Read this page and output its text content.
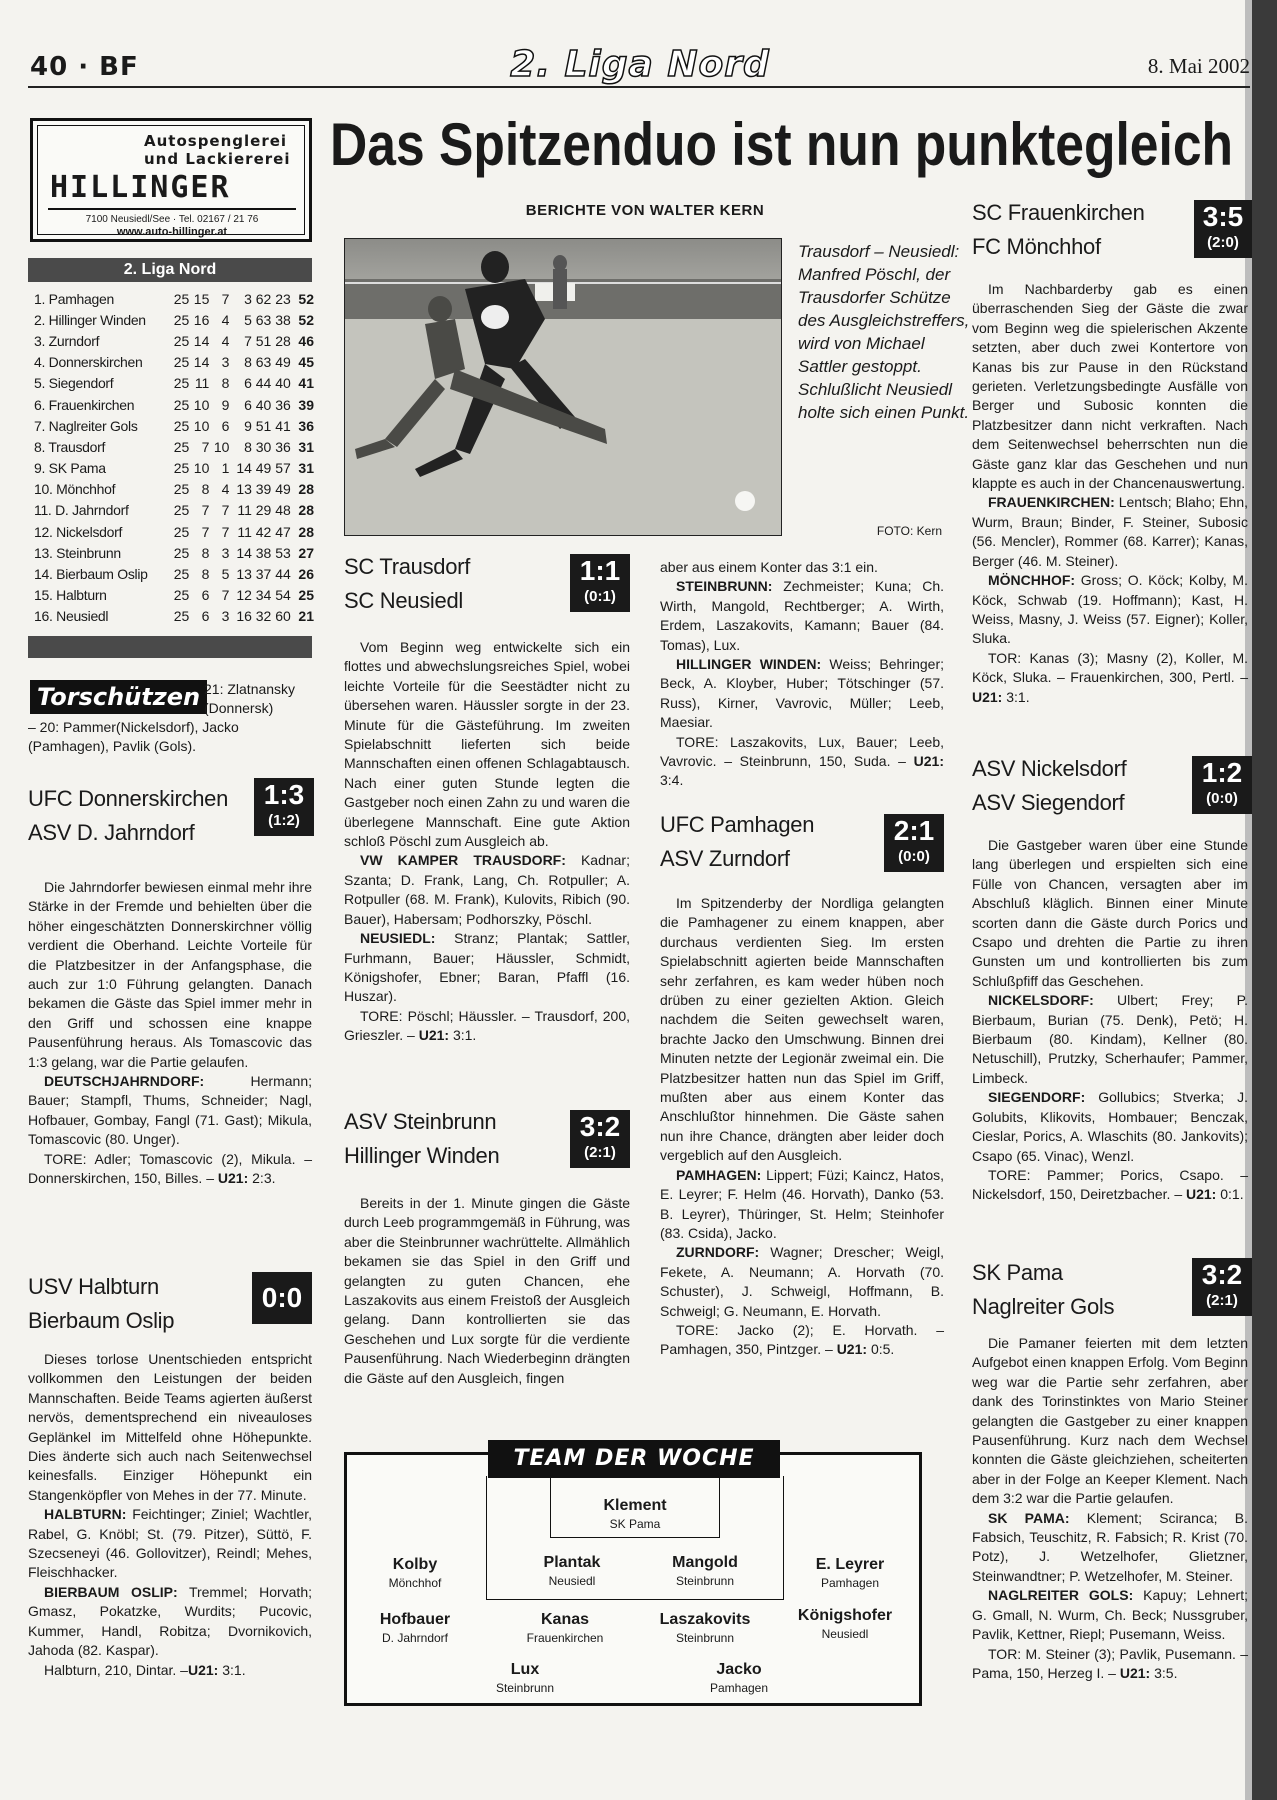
40 · BF	2. Liga Nord	8. Mai 2002
Autospenglerei
und Lackiererei
HILLINGER
7100 Neusiedl/See · Tel. 02167 / 21 76
www.auto-hillinger.at
2. Liga Nord
1. Pamhagen	25	15	7	3 62 23	52
2. Hillinger Winden	25	16	4	5 63 38	52
3. Zurndorf	25	14	4	7 51 28	46
4. Donnerskirchen	25	14	3	8 63 49	45
5. Siegendorf	25	11	8	6 44 40	41
6. Frauenkirchen	25	10	9	6 40 36	39
7. Naglreiter Gols	25	10	6	9 51 41	36
8. Trausdorf	25	7	10	8 30 36	31
9. SK Pama	25	10	1	14 49 57	31
10. Mönchhof	25	8	4	13 39 49	28
11. D. Jahrndorf	25	7	7	11 29 48	28
12. Nickelsdorf	25	7	7	11 42 47	28
13. Steinbrunn	25	8	3	14 38 53	27
14. Bierbaum Oslip	25	8	5	13 37 44	26
15. Halbturn	25	6	7	12 34 54	25
16. Neusiedl	25	6	3	16 32 60	21
Torschützen 21: Zlatnansky (Donnersk)
– 20: Pammer(Nickelsdorf), Jacko (Pamhagen), Pavlik (Gols).
Das Spitzenduo ist nun punktegleich
BERICHTE VON WALTER KERN
Trausdorf – Neusiedl: Manfred Pöschl, der Trausdorfer Schütze des Ausgleichstreffers, wird von Michael Sattler gestoppt. Schlußlicht Neusiedl holte sich einen Punkt.
FOTO: Kern
UFC Donnerskirchen
ASV D. Jahrndorf
1:3
(1:2)

Die Jahrndorfer bewiesen einmal mehr ihre Stärke in der Fremde und behielten über die höher eingeschätzten Donnerskirchner völlig verdient die Oberhand. Leichte Vorteile für die Platzbesitzer in der Anfangsphase, die auch zur 1:0 Führung gelangten. Danach bekamen die Gäste das Spiel immer mehr in den Griff und schossen eine knappe Pausenführung heraus. Als Tomascovic das 1:3 gelang, war die Partie gelaufen.

DEUTSCHJAHRNDORF:	Hermann; Bauer; Stampfl, Thums, Schneider; Nagl, Hofbauer, Gombay, Fangl (71. Gast); Mikula, Tomascovic (80. Unger).

TORE: Adler; Tomascovic (2), Mikula. – Donnerskirchen, 150, Billes. – U21: 2:3.

USV Halbturn
Bierbaum Oslip
0:0

Dieses torlose Unentschieden entspricht vollkommen den Leistungen der beiden Mannschaften. Beide Teams agierten äußerst nervös, dementsprechend ein niveauloses Geplänkel im Mittelfeld ohne Höhepunkte. Dies änderte sich auch nach Seitenwechsel keinesfalls. Einziger Höhepunkt ein Stangenköpfler von Mehes in der 77. Minute.

HALBTURN: Feichtinger; Ziniel; Wachtler, Rabel, G. Knöbl; St. (79. Pitzer), Süttö, F. Szecseneyi (46. Gollovitzer), Reindl; Mehes, Fleischhacker.

BIERBAUM OSLIP: Tremmel; Horvath; Gmasz, Pokatzke, Wurdits; Pucovic, Kummer, Handl, Robitza; Dvornikovich, Jahoda (82. Kaspar).

Halbturn, 210, Dintar. –U21: 3:1.

SC Trausdorf
SC Neusiedl
1:1
(0:1)

Vom Beginn weg entwickelte sich ein flottes und abwechslungsreiches Spiel, wobei leichte Vorteile für die Seestädter nicht zu übersehen waren. Häussler sorgte in der 23. Minute für die Gästeführung. Im zweiten Spielabschnitt lieferten sich beide Mannschaften einen offenen Schlagabtausch. Nach einer guten Stunde legten die Gastgeber noch einen Zahn zu und waren die überlegene Mannschaft. Eine gute Aktion schloß Pöschl zum Ausgleich ab.

VW KAMPER TRAUSDORF: Kadnar; Szanta; D. Frank, Lang, Ch. Rotpuller; A. Rotpuller (68. M. Frank), Kulovits, Ribich (90. Bauer), Habersam; Podhorszky, Pöschl.

NEUSIEDL: Stranz; Plantak; Sattler, Furhmann, Bauer; Häussler, Schmidt, Königshofer, Ebner; Baran, Pfaffl (16. Huszar).

TORE: Pöschl; Häussler. – Trausdorf, 200, Grieszler. – U21: 3:1.

ASV Steinbrunn
Hillinger Winden
3:2
(2:1)

Bereits in der 1. Minute gingen die Gäste durch Leeb programmgemäß in Führung, was aber die Steinbrunner wachrüttelte. Allmählich bekamen sie das Spiel in den Griff und gelangten zu guten Chancen, ehe Laszakovits aus einem Freistoß der Ausgleich gelang. Dann kontrollierten sie das Geschehen und Lux sorgte für die verdiente Pausenführung. Nach Wiederbeginn drängten die Gäste auf den Ausgleich, fingen

aber aus einem Konter das 3:1 ein.

STEINBRUNN: Zechmeister; Kuna; Ch. Wirth, Mangold, Rechtberger; A. Wirth, Erdem, Laszakovits, Kamann; Bauer (84. Tomas), Lux.

HILLINGER WINDEN: Weiss; Behringer; Beck, A. Kloyber, Huber; Tötschinger (57. Russ), Kirner, Vavrovic, Müller; Leeb, Maesiar.

TORE: Laszakovits, Lux, Bauer; Leeb, Vavrovic. – Steinbrunn, 150, Suda. – U21: 3:4.

UFC Pamhagen
ASV Zurndorf
2:1
(0:0)

Im Spitzenderby der Nordliga gelangten die Pamhagener zu einem knappen, aber durchaus verdienten Sieg. Im ersten Spielabschnitt agierten beide Mannschaften sehr zerfahren, es kam weder hüben noch drüben zu einer gezielten Aktion. Gleich nachdem die Seiten gewechselt waren, brachte Jacko den Umschwung. Binnen drei Minuten netzte der Legionär zweimal ein. Die Platzbesitzer hatten nun das Spiel im Griff, mußten aber aus einem Konter das Anschlußtor hinnehmen. Die Gäste sahen nun ihre Chance, drängten aber leider doch vergeblich auf den Ausgleich.

PAMHAGEN: Lippert; Füzi; Kaincz, Hatos, E. Leyrer; F. Helm (46. Horvath), Danko (53. B. Leyrer), Thüringer, St. Helm; Steinhofer (83. Csida), Jacko.

ZURNDORF: Wagner; Drescher; Weigl, Fekete, A. Neumann; A. Horvath (70. Schuster), J. Schweigl, Hoffmann, B. Schweigl; G. Neumann, E. Horvath.

TORE: Jacko (2); E. Horvath. – Pamhagen, 350, Pintzger. – U21: 0:5.

SC Frauenkirchen
FC Mönchhof
3:5
(2:0)

Im Nachbarderby gab es einen überraschenden Sieg der Gäste die zwar vom Beginn weg die spielerischen Akzente setzten, aber duch zwei Kontertore von Kanas bis zur Pause in den Rückstand gerieten. Verletzungsbedingte Ausfälle von Berger und Subosic konnten die Platzbesitzer dann nicht verkraften. Nach dem Seitenwechsel beherrschten nun die Gäste ganz klar das Geschehen und nun klappte es auch in der Chancenauswertung.

FRAUENKIRCHEN: Lentsch; Blaho; Ehn, Wurm, Braun; Binder, F. Steiner, Subosic (56. Mencler), Rommer (68. Karrer); Kanas, Berger (46. M. Steiner).

MÖNCHHOF: Gross; O. Köck; Kolby, M. Köck, Schwab (19. Hoffmann); Kast, H. Weiss, Masny, J. Weiss (57. Eigner); Koller, Sluka.

TOR: Kanas (3); Masny (2), Koller, M. Köck, Sluka. – Frauenkirchen, 300, Pertl. – U21: 3:1.

ASV Nickelsdorf
ASV Siegendorf
1:2
(0:0)

Die Gastgeber waren über eine Stunde lang überlegen und erspielten sich eine Fülle von Chancen, versagten aber im Abschluß kläglich. Binnen einer Minute scorten dann die Gäste durch Porics und Csapo und drehten die Partie zu ihren Gunsten um und kontrollierten bis zum Schlußpfiff das Geschehen.

NICKELSDORF: Ulbert; Frey; P. Bierbaum, Burian (75. Denk), Petö; H. Bierbaum (80. Kindam), Kellner (80. Netuschill), Prutzky, Scherhaufer; Pammer, Limbeck.

SIEGENDORF: Gollubics; Stverka; J. Golubits, Klikovits, Hombauer; Benczak, Cieslar, Porics, A. Wlaschits (80. Jankovits); Csapo (65. Vinac), Wenzl.

TORE: Pammer; Porics, Csapo. – Nickelsdorf, 150, Deiretzbacher. – U21: 0:1.

SK Pama
Naglreiter Gols
3:2
(2:1)

Die Pamaner feierten mit dem letzten Aufgebot einen knappen Erfolg. Vom Beginn weg war die Partie sehr zerfahren, aber dank des Torinstinktes von Mario Steiner gelangten die Gastgeber zu einer knappen Pausenführung. Kurz nach dem Wechsel konnten die Gäste gleichziehen, scheiterten aber in der Folge an Keeper Klement. Nach dem 3:2 war die Partie gelaufen.

SK PAMA: Klement; Sciranca; B. Fabsich, Teuschitz, R. Fabsich; R. Krist (70. Potz), J. Wetzelhofer, Glietzner, Steinwandtner; P. Wetzelhofer, M. Steiner.

NAGLREITER GOLS: Kapuy; Lehnert; G. Gmall, N. Wurm, Ch. Beck; Nussgruber, Pavlik, Kettner, Riepl; Pusemann, Weiss.

TOR: M. Steiner (3); Pavlik, Pusemann. – Pama, 150, Herzeg I. – U21: 3:5.

TEAM DER WOCHE
Klement
SK Pama
Kolby
Mönchhof
Plantak
Neusiedl
Mangold
Steinbrunn
E. Leyrer
Pamhagen
Hofbauer
D. Jahrndorf
Kanas
Frauenkirchen
Laszakovits
Steinbrunn
Königshofer
Neusiedl
Lux
Steinbrunn
Jacko
Pamhagen
